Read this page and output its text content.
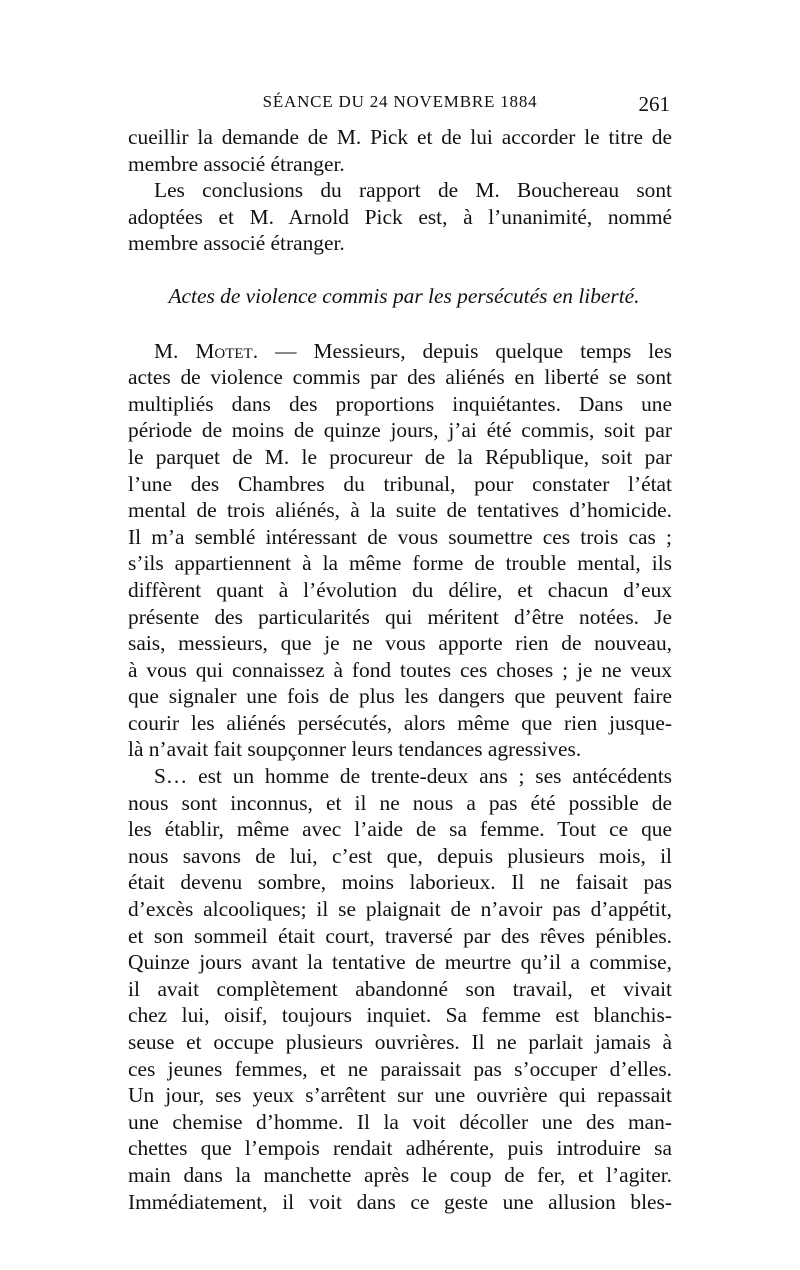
SÉANCE DU 24 NOVEMBRE 1884	261
cueillir la demande de M. Pick et de lui accorder le titre de
membre associé étranger.
Les conclusions du rapport de M. Bouchereau sont
adoptées et M. Arnold Pick est, à l’unanimité, nommé
membre associé étranger.
Actes de violence commis par les persécutés en liberté.
M. Motet. — Messieurs, depuis quelque temps les
actes de violence commis par des aliénés en liberté se sont
multipliés dans des proportions inquiétantes. Dans une
période de moins de quinze jours, j’ai été commis, soit par
le parquet de M. le procureur de la République, soit par
l’une des Chambres du tribunal, pour constater l’état
mental de trois aliénés, à la suite de tentatives d’homicide.
Il m’a semblé intéressant de vous soumettre ces trois cas ;
s’ils appartiennent à la même forme de trouble mental, ils
diffèrent quant à l’évolution du délire, et chacun d’eux
présente des particularités qui méritent d’être notées. Je
sais, messieurs, que je ne vous apporte rien de nouveau,
à vous qui connaissez à fond toutes ces choses ; je ne veux
que signaler une fois de plus les dangers que peuvent faire
courir les aliénés persécutés, alors même que rien jusque-
là n’avait fait soupçonner leurs tendances agressives.
S… est un homme de trente-deux ans ; ses antécédents
nous sont inconnus, et il ne nous a pas été possible de
les établir, même avec l’aide de sa femme. Tout ce que
nous savons de lui, c’est que, depuis plusieurs mois, il
était devenu sombre, moins laborieux. Il ne faisait pas
d’excès alcooliques; il se plaignait de n’avoir pas d’appétit,
et son sommeil était court, traversé par des rêves pénibles.
Quinze jours avant la tentative de meurtre qu’il a commise,
il avait complètement abandonné son travail, et vivait
chez lui, oisif, toujours inquiet. Sa femme est blanchis-
seuse et occupe plusieurs ouvrières. Il ne parlait jamais à
ces jeunes femmes, et ne paraissait pas s’occuper d’elles.
Un jour, ses yeux s’arrêtent sur une ouvrière qui repassait
une chemise d’homme. Il la voit décoller une des man-
chettes que l’empois rendait adhérente, puis introduire sa
main dans la manchette après le coup de fer, et l’agiter.
Immédiatement, il voit dans ce geste une allusion bles-
